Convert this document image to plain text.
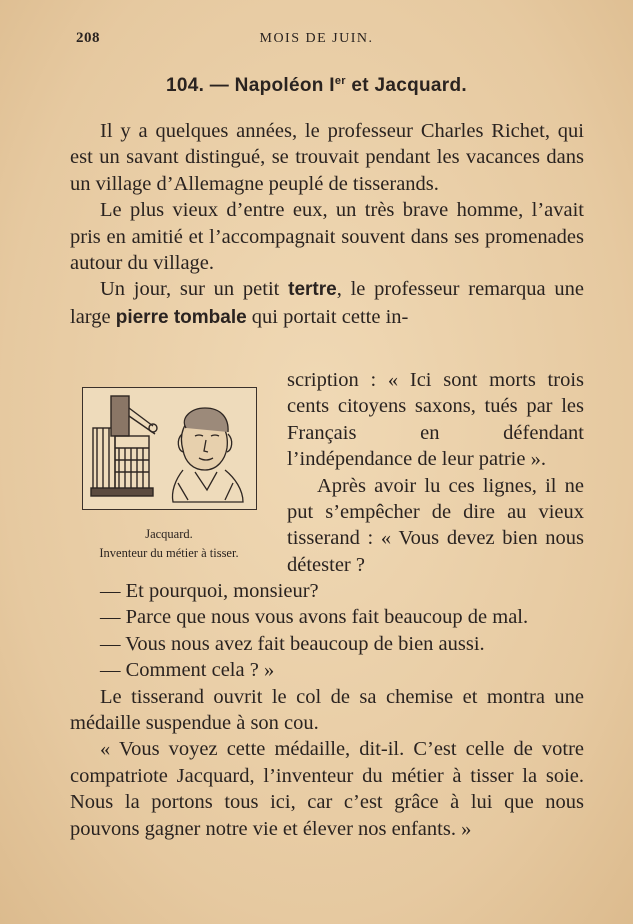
208	MOIS DE JUIN.
104. — Napoléon Ier et Jacquard.

Il y a quelques années, le professeur Charles Richet, qui est un savant distingué, se trouvait pendant les vacances dans un village d’Allemagne peuplé de tisserands.

Le plus vieux d’entre eux, un très brave homme, l’avait pris en amitié et l’accompagnait souvent dans ses promenades autour du village.

Un jour, sur un petit tertre, le professeur remarqua une large pierre tombale qui portait cette in-

Jacquard.
Inventeur du métier à tisser.

scription : « Ici sont morts trois cents citoyens saxons, tués par les Français en défendant l’indépendance de leur patrie ».

Après avoir lu ces lignes, il ne put s’empêcher de dire au vieux tisserand : « Vous devez bien nous détester ?

— Et pourquoi, monsieur?

— Parce que nous vous avons fait beaucoup de mal.

— Vous nous avez fait beaucoup de bien aussi.

— Comment cela ? »

Le tisserand ouvrit le col de sa chemise et montra une médaille suspendue à son cou.

« Vous voyez cette médaille, dit-il. C’est celle de votre compatriote Jacquard, l’inventeur du métier à tisser la soie. Nous la portons tous ici, car c’est grâce à lui que nous pouvons gagner notre vie et élever nos enfants. »
